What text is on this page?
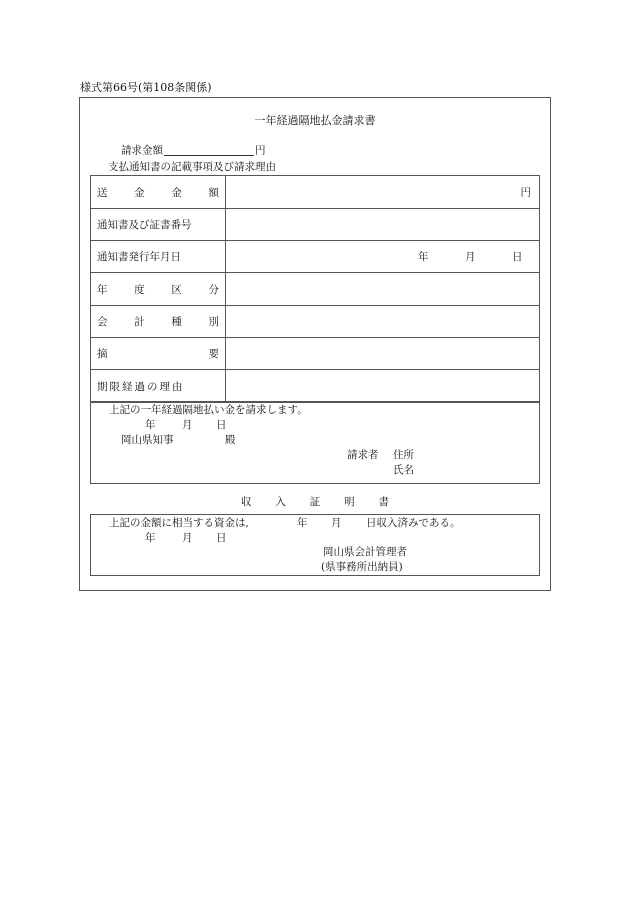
様式第66号(第108条関係)
一年経過隔地払金請求書
請求金額	円
支払通知書の記載事項及び請求理由
送 金 金 額	円

通知書及び証書番号	
通知書発行年月日	年 月 日

年 度 区 分	

会 計 種 別	

摘 要	

期限経過の理由	
上記の一年経過隔地払い金を請求します。
年	月 日
岡山県知事	殿
請求者 住所
氏名
収 入 証 明 書
上記の金額に相当する資金は,	年 月 日収入済みである。
年	月 日
岡山県会計管理者
(県事務所出納員)
